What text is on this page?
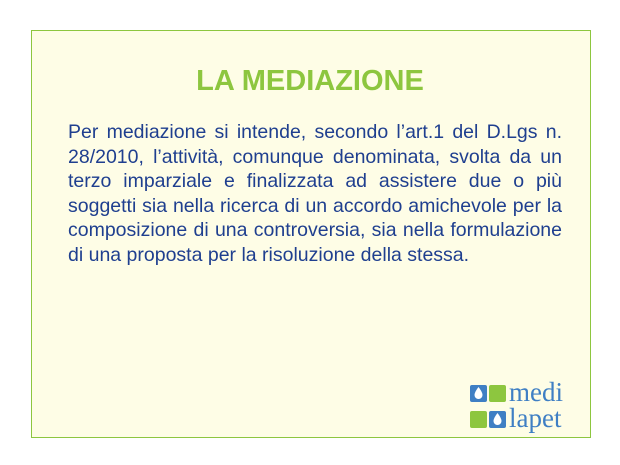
LA MEDIAZIONE
Per mediazione si intende, secondo l’art.1 del D.Lgs n. 28/2010, l’attività, comunque denominata, svolta da un terzo imparziale e finalizzata ad assistere due o più soggetti sia nella ricerca di un accordo amichevole per la composizione di una controversia, sia nella formulazione di una proposta per la risoluzione della stessa.
medi
lapet
